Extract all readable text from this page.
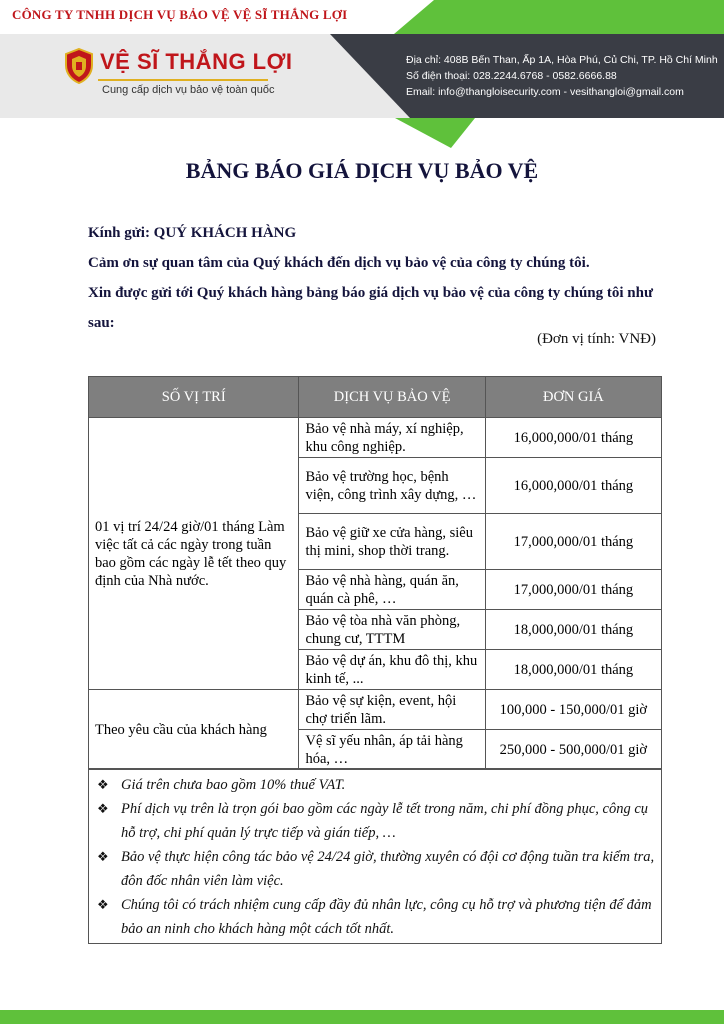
CÔNG TY TNHH DỊCH VỤ BẢO VỆ VỆ SĨ THẮNG LỢI
VỆ SĨ THẮNG LỢI
Cung cấp dịch vụ bảo vệ toàn quốc
Địa chỉ: 408B Bến Than, Ấp 1A, Hòa Phú, Củ Chi, TP. Hồ Chí Minh
Số điện thoại: 028.2244.6768 - 0582.6666.88
Email: info@thangloisecurity.com - vesithangloi@gmail.com
BẢNG BÁO GIÁ DỊCH VỤ BẢO VỆ

Kính gửi: QUÝ KHÁCH HÀNG

Cảm ơn sự quan tâm của Quý khách đến dịch vụ bảo vệ của công ty chúng tôi.

Xin được gửi tới Quý khách hàng bảng báo giá dịch vụ bảo vệ của công ty chúng tôi như sau:

(Đơn vị tính: VNĐ)
SỐ VỊ TRÍ	DỊCH VỤ BẢO VỆ	ĐƠN GIÁ
01 vị trí 24/24 giờ/01 tháng Làm việc tất cả các ngày trong tuần bao gồm các ngày lễ tết theo quy định của Nhà nước.	Bảo vệ nhà máy, xí nghiệp, khu công nghiệp.	16,000,000/01 tháng
	Bảo vệ trường học, bệnh viện, công trình xây dựng, …	16,000,000/01 tháng
	Bảo vệ giữ xe cửa hàng, siêu thị mini, shop thời trang.	17,000,000/01 tháng
	Bảo vệ nhà hàng, quán ăn, quán cà phê, …	17,000,000/01 tháng
	Bảo vệ tòa nhà văn phòng, chung cư, TTTM	18,000,000/01 tháng
	Bảo vệ dự án, khu đô thị, khu kinh tế, ...	18,000,000/01 tháng
Theo yêu cầu của khách hàng	Bảo vệ sự kiện, event, hội chợ triển lãm.	100,000 - 150,000/01 giờ
	Vệ sĩ yếu nhân, áp tải hàng hóa, …	250,000 - 500,000/01 giờ
❖ Giá trên chưa bao gồm 10% thuế VAT.
❖ Phí dịch vụ trên là trọn gói bao gồm các ngày lễ tết trong năm, chi phí đồng phục, công cụ hỗ trợ, chi phí quản lý trực tiếp và gián tiếp, …
❖ Bảo vệ thực hiện công tác bảo vệ 24/24 giờ, thường xuyên có đội cơ động tuần tra kiểm tra, đôn đốc nhân viên làm việc.
❖ Chúng tôi có trách nhiệm cung cấp đầy đủ nhân lực, công cụ hỗ trợ và phương tiện để đảm bảo an ninh cho khách hàng một cách tốt nhất.
